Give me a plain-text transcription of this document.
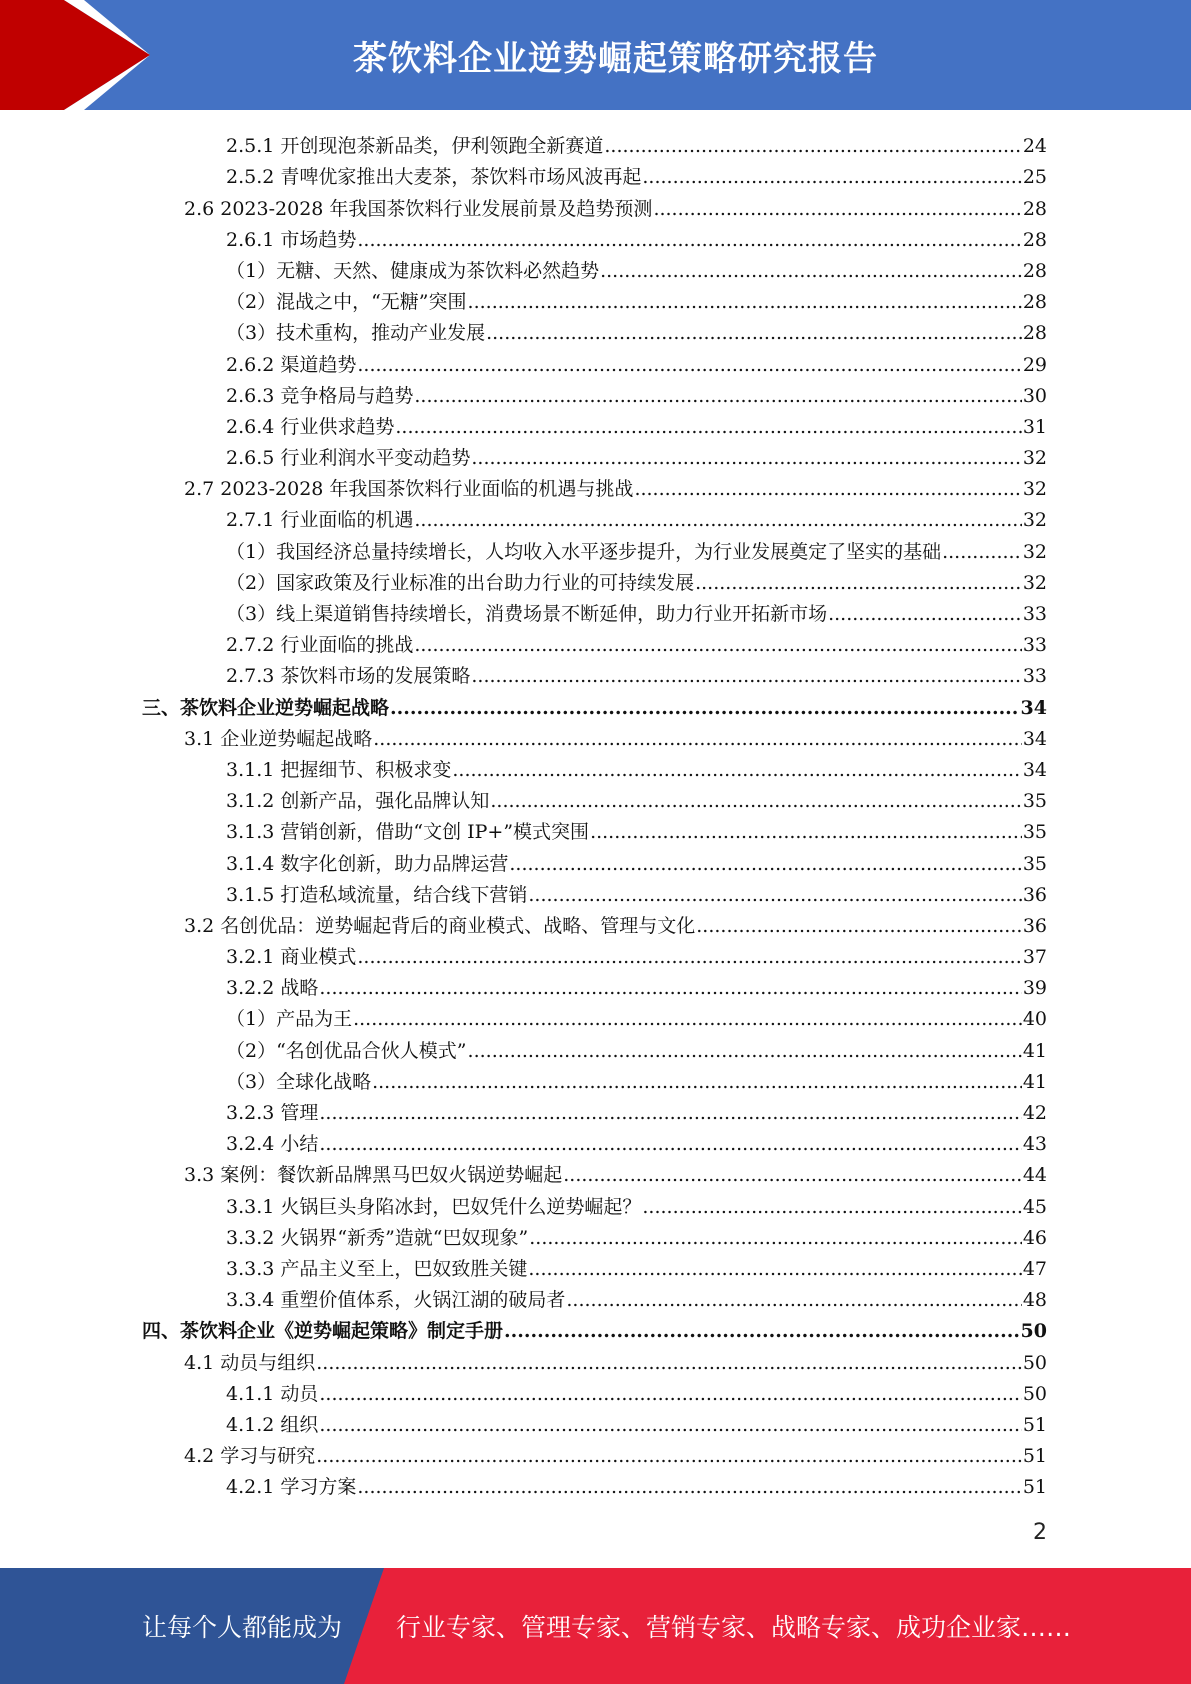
茶饮料企业逆势崛起策略研究报告
2.5.1 开创现泡茶新品类，伊利领跑全新赛道 .....	24
2.5.2 青啤优家推出大麦茶，茶饮料市场风波再起 .....	25
2.6 2023-2028 年我国茶饮料行业发展前景及趋势预测 .....	28
2.6.1 市场趋势 .....	28
（1）无糖、天然、健康成为茶饮料必然趋势 .....	28
（2）混战之中，“无糖”突围 .....	28
（3）技术重构，推动产业发展 .....	28
2.6.2 渠道趋势 .....	29
2.6.3 竞争格局与趋势 .....	30
2.6.4 行业供求趋势 .....	31
2.6.5 行业利润水平变动趋势 .....	32
2.7 2023-2028 年我国茶饮料行业面临的机遇与挑战 .....	32
2.7.1 行业面临的机遇 .....	32
（1）我国经济总量持续增长，人均收入水平逐步提升，为行业发展奠定了坚实的基础 .....	32
（2）国家政策及行业标准的出台助力行业的可持续发展 .....	32
（3）线上渠道销售持续增长，消费场景不断延伸，助力行业开拓新市场 .....	33
2.7.2 行业面临的挑战 .....	33
2.7.3 茶饮料市场的发展策略 .....	33
三、茶饮料企业逆势崛起战略 .....	34
3.1 企业逆势崛起战略 .....	34
3.1.1 把握细节、积极求变 .....	34
3.1.2 创新产品，强化品牌认知 .....	35
3.1.3 营销创新，借助“文创 IP+”模式突围 .....	35
3.1.4 数字化创新，助力品牌运营 .....	35
3.1.5 打造私域流量，结合线下营销 .....	36
3.2 名创优品：逆势崛起背后的商业模式、战略、管理与文化 .....	36
3.2.1 商业模式 .....	37
3.2.2 战略 .....	39
（1）产品为王 .....	40
（2）“名创优品合伙人模式” .....	41
（3）全球化战略 .....	41
3.2.3 管理 .....	42
3.2.4 小结 .....	43
3.3 案例：餐饮新品牌黑马巴奴火锅逆势崛起 .....	44
3.3.1 火锅巨头身陷冰封，巴奴凭什么逆势崛起？ .....	45
3.3.2 火锅界“新秀”造就“巴奴现象” .....	46
3.3.3 产品主义至上，巴奴致胜关键 .....	47
3.3.4 重塑价值体系，火锅江湖的破局者 .....	48
四、茶饮料企业《逆势崛起策略》制定手册 .....	50
4.1 动员与组织 .....	50
4.1.1 动员 .....	50
4.1.2 组织 .....	51
4.2 学习与研究 .....	51
4.2.1 学习方案 .....	51
2
让每个人都能成为 行业专家、管理专家、营销专家、战略专家、成功企业家……
